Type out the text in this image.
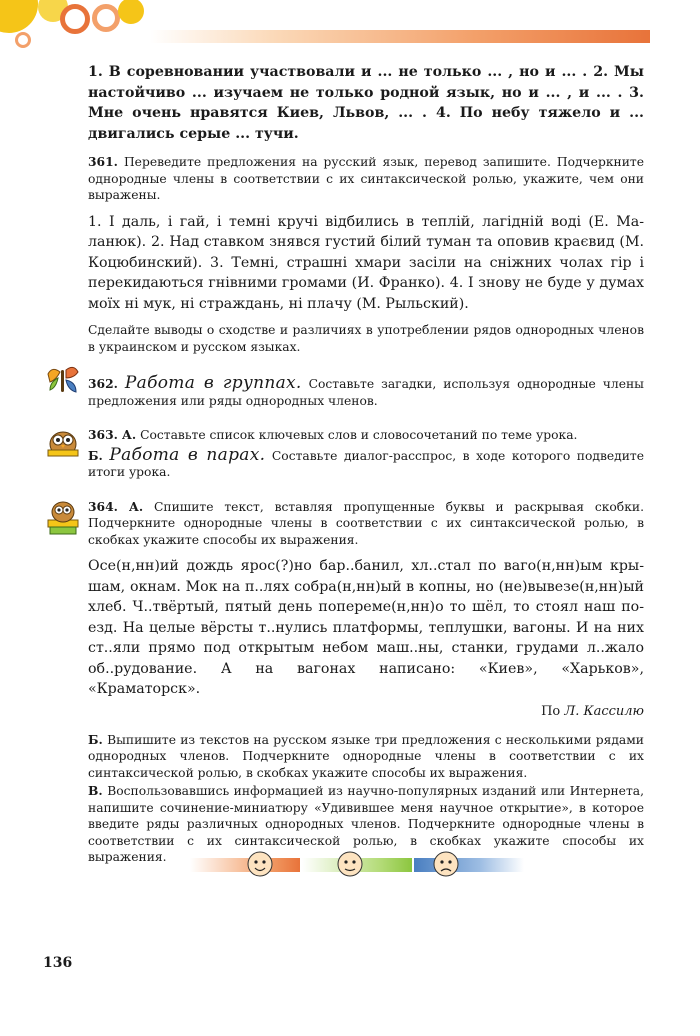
1. В соревновании участвовали и ... не только ... , но и ... . 2. Мы настойчиво ... изучаем не только родной язык, но и ... , и ... . 3. Мне очень нравятся Киев, Львов, ... . 4. По небу тяжело и ... двигались серые ... тучи.

361. Переведите предложения на русский язык, перевод запишите. Подчеркните однородные члены в соответствии с их синтаксической ролью, укажите, чем они выражены.

1. І даль, і гай, і темні кручі відбились в теплій, лагідній воді (Е. Маланюк). 2. Над ставком знявся густий білий туман та оповив краєвид (М. Коцюбинский). 3. Темні, страшні хмари засіли на сніжних чолах гір і перекидаються гнівними громами (И. Франко). 4. І знову не буде у думах моїх ні мук, ні страждань, ні плачу (М. Рыльский).

Сделайте выводы о сходстве и различиях в употреблении рядов однородных членов в украинском и русском языках.

362. Работа в группах. Составьте загадки, используя однородные члены предложения или ряды однородных членов.

363. А. Составьте список ключевых слов и словосочетаний по теме урока.

Б. Работа в парах. Составьте диалог-расспрос, в ходе которого подведите итоги урока.

364. А. Спишите текст, вставляя пропущенные буквы и раскрывая скобки. Подчеркните однородные члены в соответствии с их синтаксической ролью, в скобках укажите способы их выражения.

Осе(н,нн)ий дождь ярос(?)но бар..банил, хл..стал по ваго(н,нн)ым крышам, окнам. Мок на п..лях собра(н,нн)ый в копны, но (не)вывезе(н,нн)ый хлеб. Ч..твёртый, пятый день попереме(н,нн)о то шёл, то стоял наш поезд. На целые вёрсты т..нулись платформы, теплушки, вагоны. И на них ст..яли прямо под открытым небом маш..ны, станки, грудами л..жало об..рудование. А на вагонах написано: «Киев», «Харьков», «Краматорск».

По Л. Кассилю

Б. Выпишите из текстов на русском языке три предложения с несколькими рядами однородных членов. Подчеркните однородные члены в соответствии с их синтаксической ролью, в скобках укажите способы их выражения.

В. Воспользовавшись информацией из научно-популярных изданий или Интернета, напишите сочинение-миниатюру «Удивившее меня научное открытие», в которое введите ряды различных однородных членов. Подчеркните однородные члены в соответствии с их синтаксической ролью, в скобках укажите способы их выражения.

136
